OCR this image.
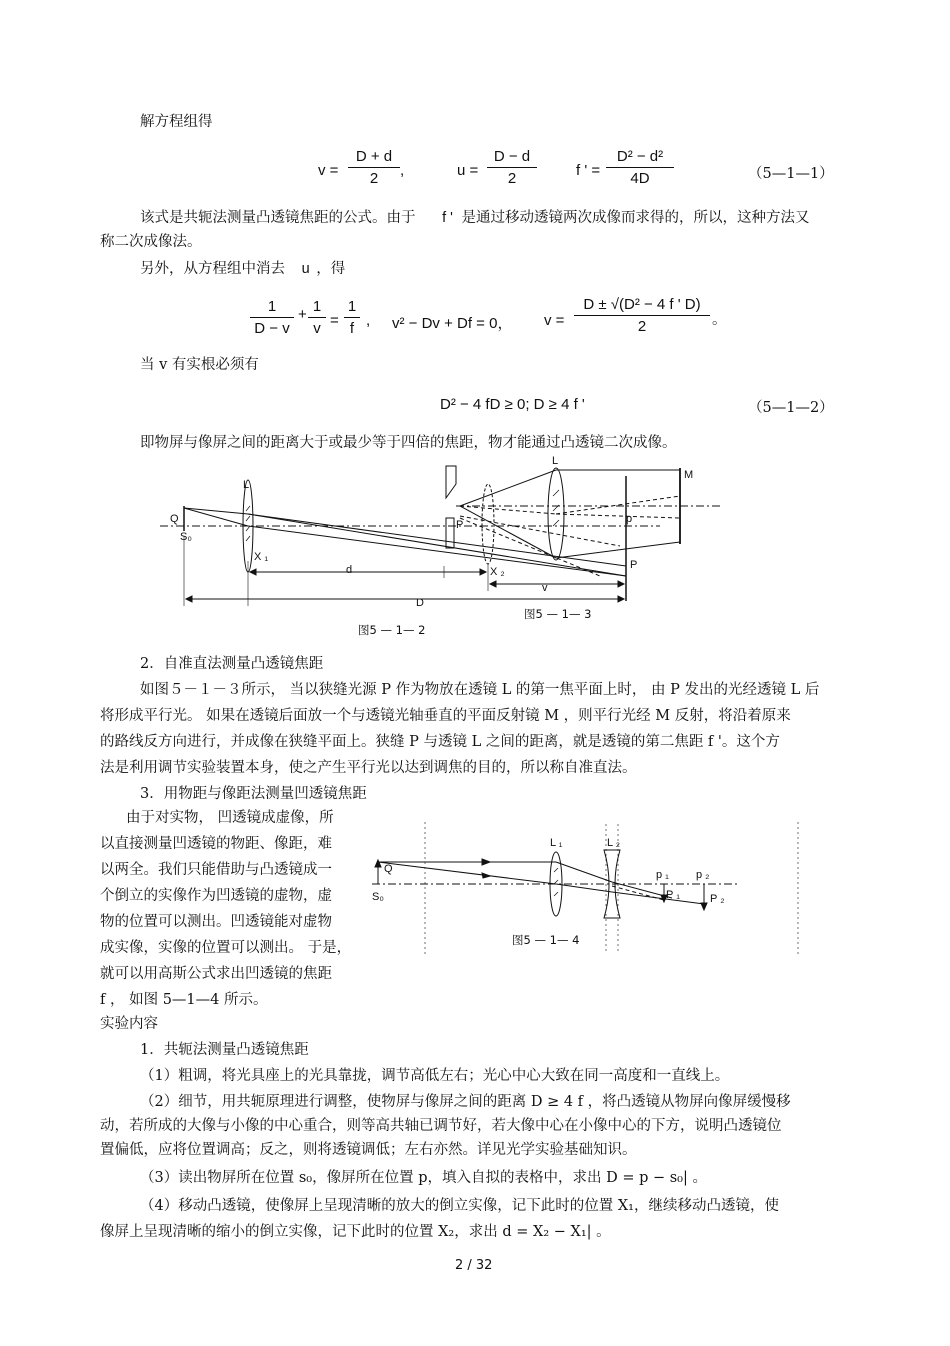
解方程组得
$v = \frac{D + d}{2}$ ,	$u = \frac{D - d}{2}$	f ' = $\frac{\text{D² − d²}}{4D}$	（5—1—1）
该式是共轭法测量凸透镜焦距的公式。由于 f ' 是通过移动透镜两次成像而求得的，所以，这种方法又
称二次成像法。
另外，从方程组中消去 u ，得
$\frac{1}{D - v} + \frac{1}{v} = \frac{1}{f}$ , v² − Dv + Df = 0， $v = \frac{\text{D ± √(D² − 4 f ' D)}}{2}$ 。
当 v 有实根必须有
D² − 4 fD ≥ 0; D ≥ 4 f '	（5—1—2）
即物屏与像屏之间的距离大于或最少等于四倍的焦距，物才能通过凸透镜二次成像。
L
Q
S₀
X ₁
P
X ₂
P
d
D
L
M
p
v
图5 — 1— 2
图5 — 1— 3
2．自准直法测量凸透镜焦距
如图５－１－３所示， 当以狭缝光源 P 作为物放在透镜 L 的第一焦平面上时， 由 P 发出的光经透镜 L 后
将形成平行光。 如果在透镜后面放一个与透镜光轴垂直的平面反射镜 M ，则平行光经 M 反射，将沿着原来
的路线反方向进行，并成像在狭缝平面上。狭缝 P 与透镜 L 之间的距离，就是透镜的第二焦距 f '。这个方
法是利用调节实验装置本身，使之产生平行光以达到调焦的目的，所以称自准直法。
3．用物距与像距法测量凹透镜焦距
由于对实物， 凹透镜成虚像，所
以直接测量凹透镜的物距、像距，难
以两全。我们只能借助与凸透镜成一
个倒立的实像作为凹透镜的虚物，虚
物的位置可以测出。凹透镜能对虚物
成实像，实像的位置可以测出。 于是，
就可以用高斯公式求出凹透镜的焦距
f ， 如图 5—1—4 所示。
L ₁	L ₂
Q
S₀
p ₁ p ₂
P ₁	P ₂
图5 — 1— 4
实验内容
1．共轭法测量凸透镜焦距
（1）粗调，将光具座上的光具靠拢，调节高低左右；光心中心大致在同一高度和一直线上。
（2）细节，用共轭原理进行调整，使物屏与像屏之间的距离 D ≥ 4 f ，将凸透镜从物屏向像屏缓慢移
动，若所成的大像与小像的中心重合，则等高共轴已调节好，若大像中心在小像中心的下方，说明凸透镜位
置偏低，应将位置调高；反之，则将透镜调低；左右亦然。详见光学实验基础知识。
（3）读出物屏所在位置 s₀，像屏所在位置 p，填入自拟的表格中，求出 D = p − s₀| 。
（4）移动凸透镜，使像屏上呈现清晰的放大的倒立实像，记下此时的位置 X₁，继续移动凸透镜，使
像屏上呈现清晰的缩小的倒立实像，记下此时的位置 X₂，求出 d = X₂ − X₁| 。
2 / 32
